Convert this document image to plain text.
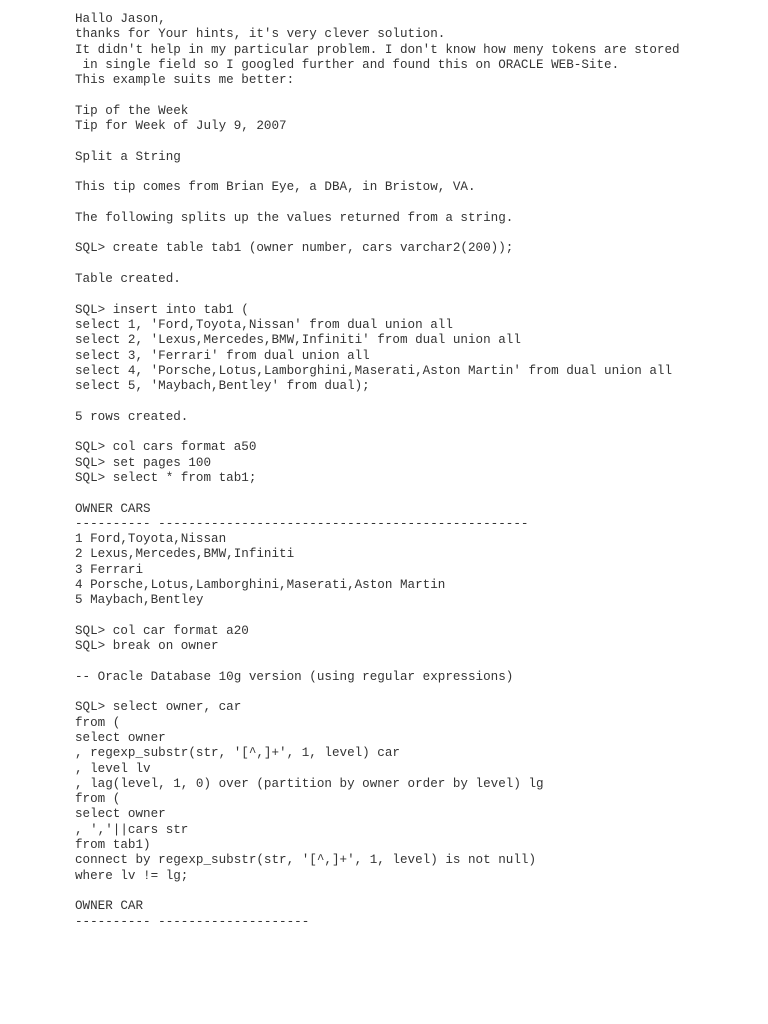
Hallo Jason,
thanks for Your hints, it's very clever solution.
It didn't help in my particular problem. I don't know how meny tokens are stored
in single field so I googled further and found this on ORACLE WEB-Site.
This example suits me better:
Tip of the Week
Tip for Week of July 9, 2007
Split a String
This tip comes from Brian Eye, a DBA, in Bristow, VA.
The following splits up the values returned from a string.
SQL> create table tab1 (owner number, cars varchar2(200));
Table created.
SQL> insert into tab1 (
select 1, 'Ford,Toyota,Nissan' from dual union all
select 2, 'Lexus,Mercedes,BMW,Infiniti' from dual union all
select 3, 'Ferrari' from dual union all
select 4, 'Porsche,Lotus,Lamborghini,Maserati,Aston Martin' from dual union all
select 5, 'Maybach,Bentley' from dual);
5 rows created.
SQL> col cars format a50
SQL> set pages 100
SQL> select * from tab1;
OWNER CARS
---------- -------------------------------------------------
1 Ford,Toyota,Nissan
2 Lexus,Mercedes,BMW,Infiniti
3 Ferrari
4 Porsche,Lotus,Lamborghini,Maserati,Aston Martin
5 Maybach,Bentley
SQL> col car format a20
SQL> break on owner
-- Oracle Database 10g version (using regular expressions)
SQL> select owner, car
from (
select owner
, regexp_substr(str, '[^,]+', 1, level) car
, level lv
, lag(level, 1, 0) over (partition by owner order by level) lg
from (
select owner
, ','||cars str
from tab1)
connect by regexp_substr(str, '[^,]+', 1, level) is not null)
where lv != lg;
OWNER CAR
---------- --------------------
